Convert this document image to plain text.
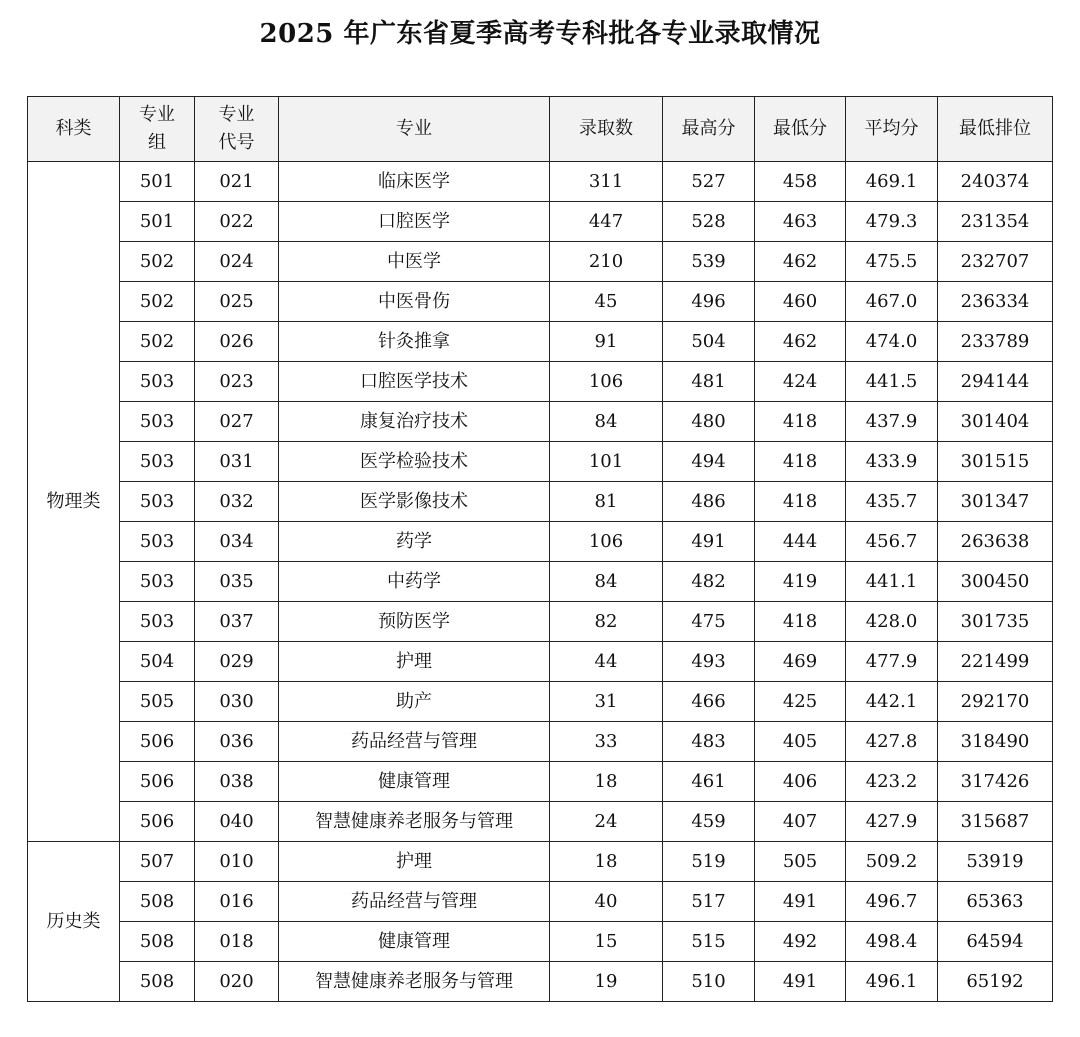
2025 年广东省夏季高考专科批各专业录取情况
科类	专业组	专业代号	专业	录取数	最高分	最低分	平均分	最低排位
物理类	501	021	临床医学	311	527	458	469.1	240374
	501	022	口腔医学	447	528	463	479.3	231354
	502	024	中医学	210	539	462	475.5	232707
	502	025	中医骨伤	45	496	460	467.0	236334
	502	026	针灸推拿	91	504	462	474.0	233789
	503	023	口腔医学技术	106	481	424	441.5	294144
	503	027	康复治疗技术	84	480	418	437.9	301404
	503	031	医学检验技术	101	494	418	433.9	301515
	503	032	医学影像技术	81	486	418	435.7	301347
	503	034	药学	106	491	444	456.7	263638
	503	035	中药学	84	482	419	441.1	300450
	503	037	预防医学	82	475	418	428.0	301735
	504	029	护理	44	493	469	477.9	221499
	505	030	助产	31	466	425	442.1	292170
	506	036	药品经营与管理	33	483	405	427.8	318490
	506	038	健康管理	18	461	406	423.2	317426
	506	040	智慧健康养老服务与管理	24	459	407	427.9	315687
历史类	507	010	护理	18	519	505	509.2	53919
	508	016	药品经营与管理	40	517	491	496.7	65363
	508	018	健康管理	15	515	492	498.4	64594
	508	020	智慧健康养老服务与管理	19	510	491	496.1	65192
